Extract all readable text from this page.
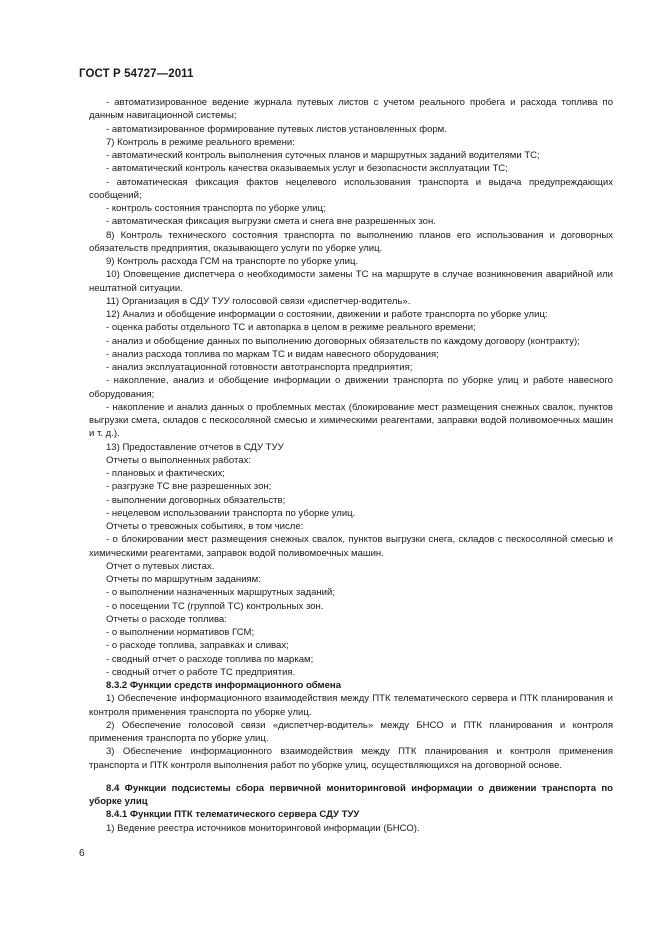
ГОСТ Р 54727—2011

- автоматизированное ведение журнала путевых листов с учетом реального пробега и расхода топлива по данным навигационной системы;

- автоматизированное формирование путевых листов установленных форм.

7) Контроль в режиме реального времени:

- автоматический контроль выполнения суточных планов и маршрутных заданий водителями ТС;

- автоматический контроль качества оказываемых услуг и безопасности эксплуатации ТС;

- автоматическая фиксация фактов нецелевого использования транспорта и выдача предупреждающих сообщений;

- контроль состояния транспорта по уборке улиц;

- автоматическая фиксация выгрузки смета и снега вне разрешенных зон.

8) Контроль технического состояния транспорта по выполнению планов его использования и договорных обязательств предприятия, оказывающего услуги по уборке улиц.

9) Контроль расхода ГСМ на транспорте по уборке улиц.

10) Оповещение диспетчера о необходимости замены ТС на маршруте в случае возникновения аварийной или нештатной ситуации.

11) Организация в СДУ ТУУ голосовой связи «диспетчер-водитель».

12) Анализ и обобщение информации о состоянии, движении и работе транспорта по уборке улиц:

- оценка работы отдельного ТС и автопарка в целом в режиме реального времени;

- анализ и обобщение данных по выполнению договорных обязательств по каждому договору (контракту);

- анализ расхода топлива по маркам ТС и видам навесного оборудования;

- анализ эксплуатационной готовности автотранспорта предприятия;

- накопление, анализ и обобщение информации о движении транспорта по уборке улиц и работе навесного оборудования;

- накопление и анализ данных о проблемных местах (блокирование мест размещения снежных свалок, пунктов выгрузки смета, складов с пескосоляной смесью и химическими реагентами, заправки водой поливомоечных машин и т. д.).

13) Предоставление отчетов в СДУ ТУУ

Отчеты о выполненных работах:

- плановых и фактических;

- разгрузке ТС вне разрешенных зон;

- выполнении договорных обязательств;

- нецелевом использовании транспорта по уборке улиц.

Отчеты о тревожных событиях, в том числе:

- о блокировании мест размещения снежных свалок, пунктов выгрузки снега, складов с пескосоляной смесью и химическими реагентами, заправок водой поливомоечных машин.

Отчет о путевых листах.

Отчеты по маршрутным заданиям:

- о выполнении назначенных маршрутных заданий;

- о посещении ТС (группой ТС) контрольных зон.

Отчеты о расходе топлива:

- о выполнении нормативов ГСМ;

- о расходе топлива, заправках и сливах;

- сводный отчет о расходе топлива по маркам;

- сводный отчет о работе ТС предприятия.

8.3.2 Функции средств информационного обмена

1) Обеспечение информационного взаимодействия между ПТК телематического сервера и ПТК планирования и контроля применения транспорта по уборке улиц.

2) Обеспечение голосовой связи «диспетчер-водитель» между БНСО и ПТК планирования и контроля применения транспорта по уборке улиц.

3) Обеспечение информационного взаимодействия между ПТК планирования и контроля применения транспорта и ПТК контроля выполнения работ по уборке улиц, осуществляющихся на договорной основе.

8.4 Функции подсистемы сбора первичной мониторинговой информации о движении транспорта по уборке улиц

8.4.1 Функции ПТК телематического сервера СДУ ТУУ

1) Ведение реестра источников мониторинговой информации (БНСО).

6
